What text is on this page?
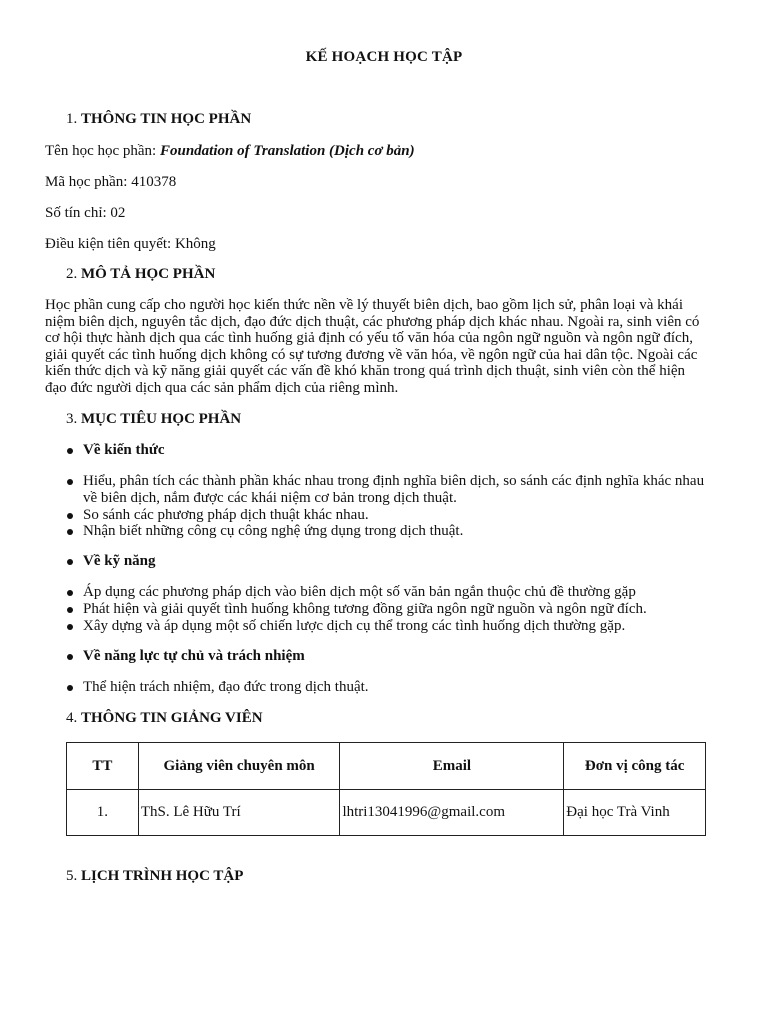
KẾ HOẠCH HỌC TẬP
1. THÔNG TIN HỌC PHẦN
Tên học học phần: Foundation of Translation (Dịch cơ bản)
Mã học phần: 410378
Số tín chỉ: 02
Điều kiện tiên quyết: Không
2. MÔ TẢ HỌC PHẦN
Học phần cung cấp cho người học kiến thức nền về lý thuyết biên dịch, bao gồm lịch sử, phân loại và khái
niệm biên dịch, nguyên tắc dịch, đạo đức dịch thuật, các phương pháp dịch khác nhau. Ngoài ra, sinh viên có
cơ hội thực hành dịch qua các tình huống giả định có yếu tố văn hóa của ngôn ngữ nguồn và ngôn ngữ đích,
giải quyết các tình huống dịch không có sự tương đương về văn hóa, về ngôn ngữ của hai dân tộc. Ngoài các
kiến thức dịch và kỹ năng giải quyết các vấn đề khó khăn trong quá trình dịch thuật, sinh viên còn thể hiện
đạo đức người dịch qua các sản phẩm dịch của riêng mình.
3. MỤC TIÊU HỌC PHẦN
Về kiến thức
Hiểu, phân tích các thành phần khác nhau trong định nghĩa biên dịch, so sánh các định nghĩa khác nhau
về biên dịch, nắm được các khái niệm cơ bản trong dịch thuật.
So sánh các phương pháp dịch thuật khác nhau.
Nhận biết những công cụ công nghệ ứng dụng trong dịch thuật.
Về kỹ năng
Áp dụng các phương pháp dịch vào biên dịch một số văn bản ngắn thuộc chủ đề thường gặp
Phát hiện và giải quyết tình huống không tương đồng giữa ngôn ngữ nguồn và ngôn ngữ đích.
Xây dựng và áp dụng một số chiến lược dịch cụ thể trong các tình huống dịch thường gặp.
Về năng lực tự chủ và trách nhiệm
Thể hiện trách nhiệm, đạo đức trong dịch thuật.
4. THÔNG TIN GIẢNG VIÊN
TT	Giảng viên chuyên môn	Email	Đơn vị công tác
1.	ThS. Lê Hữu Trí	lhtri13041996@gmail.com	Đại học Trà Vinh
5. LỊCH TRÌNH HỌC TẬP
